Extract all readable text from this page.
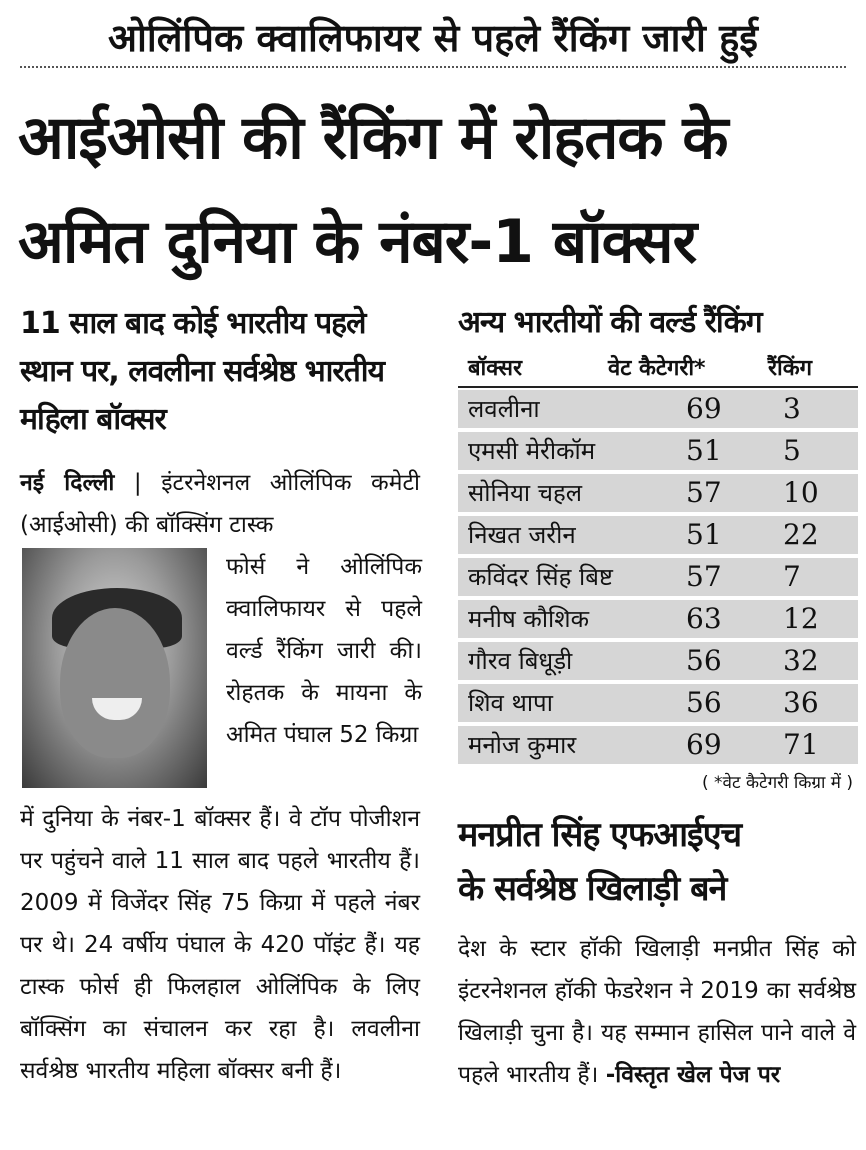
ओलिंपिक क्वालिफायर से पहले रैंकिंग जारी हुई
आईओसी की रैंकिंग में रोहतक के
अमित दुनिया के नंबर-1 बॉक्सर
11 साल बाद कोई भारतीय पहले स्थान पर, लवलीना सर्वश्रेष्ठ भारतीय महिला बॉक्सर
नई दिल्ली | इंटरनेशनल ओलिंपिक कमेटी (आईओसी) की बॉक्सिंग टास्क
फोर्स ने ओलिंपिक क्वालिफायर से पहले वर्ल्ड रैंकिंग जारी की। रोहतक के मायना के अमित पंघाल 52 किग्रा
में दुनिया के नंबर-1 बॉक्सर हैं। वे टॉप पोजीशन पर पहुंचने वाले 11 साल बाद पहले भारतीय हैं। 2009 में विजेंदर सिंह 75 किग्रा में पहले नंबर पर थे। 24 वर्षीय पंघाल के 420 पॉइंट हैं। यह टास्क फोर्स ही फिलहाल ओलिंपिक के लिए बॉक्सिंग का संचालन कर रहा है। लवलीना सर्वश्रेष्ठ भारतीय महिला बॉक्सर बनी हैं।
अन्य भारतीयों की वर्ल्ड रैंकिंग
बॉक्सर	वेट कैटेगरी*	रैंकिंग
लवलीना	69 3
एमसी मेरीकॉम	51 5
सोनिया चहल	57 10
निखत जरीन	51 22
कविंदर सिंह बिष्ट	57 7
मनीष कौशिक	63 12
गौरव बिधूड़ी	56 32
शिव थापा	56 36
मनोज कुमार	69 71
( *वेट कैटेगरी किग्रा में )
मनप्रीत सिंह एफआईएच
के सर्वश्रेष्ठ खिलाड़ी बने
देश के स्टार हॉकी खिलाड़ी मनप्रीत सिंह को इंटरनेशनल हॉकी फेडरेशन ने 2019 का सर्वश्रेष्ठ खिलाड़ी चुना है। यह सम्मान हासिल पाने वाले वे पहले भारतीय हैं। -विस्तृत खेल पेज पर
